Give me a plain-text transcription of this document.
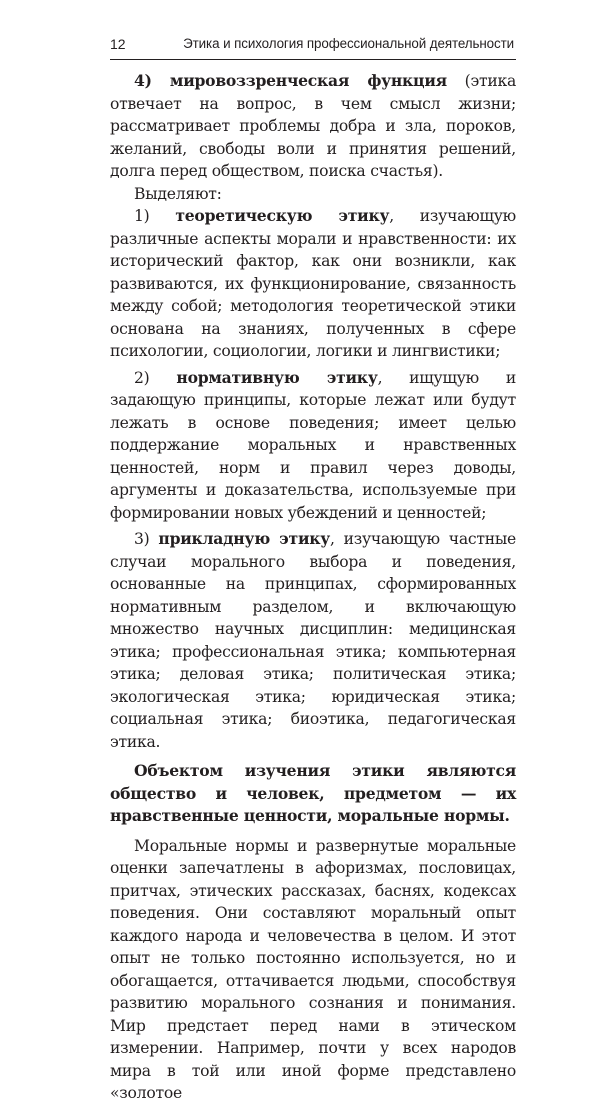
12	Этика и психология профессиональной деятельности

4) мировоззренческая функция (этика отвечает на вопрос, в чем смысл жизни; рассматривает проблемы добра и зла, пороков, желаний, свободы воли и принятия решений, долга перед обществом, поиска счастья).

Выделяют:

1) теоретическую этику, изучающую различные аспекты морали и нравственности: их исторический фактор, как они возникли, как развиваются, их функционирование, связанность между собой; методология теоретической этики основана на знаниях, полученных в сфере психологии, социологии, логики и лингвистики;

2) нормативную этику, ищущую и задающую принципы, которые лежат или будут лежать в основе поведения; имеет целью поддержание моральных и нравственных ценностей, норм и правил через доводы, аргументы и доказательства, используемые при формировании новых убеждений и ценностей;

3) прикладную этику, изучающую частные случаи морального выбора и поведения, основанные на принципах, сформированных нормативным разделом, и включающую множество научных дисциплин: медицинская этика; профессиональная этика; компьютерная этика; деловая этика; политическая этика; экологическая этика; юридическая этика; социальная этика; биоэтика, педагогическая этика.

Объектом изучения этики являются общество и человек, предметом — их нравственные ценности, моральные нормы.

Моральные нормы и развернутые моральные оценки запечатлены в афоризмах, пословицах, притчах, этических рассказах, баснях, кодексах поведения. Они составляют моральный опыт каждого народа и человечества в целом. И этот опыт не только постоянно используется, но и обогащается, оттачивается людьми, способствуя развитию морального сознания и понимания. Мир предстает перед нами в этическом измерении. Например, почти у всех народов мира в той или иной форме представлено «золотое
